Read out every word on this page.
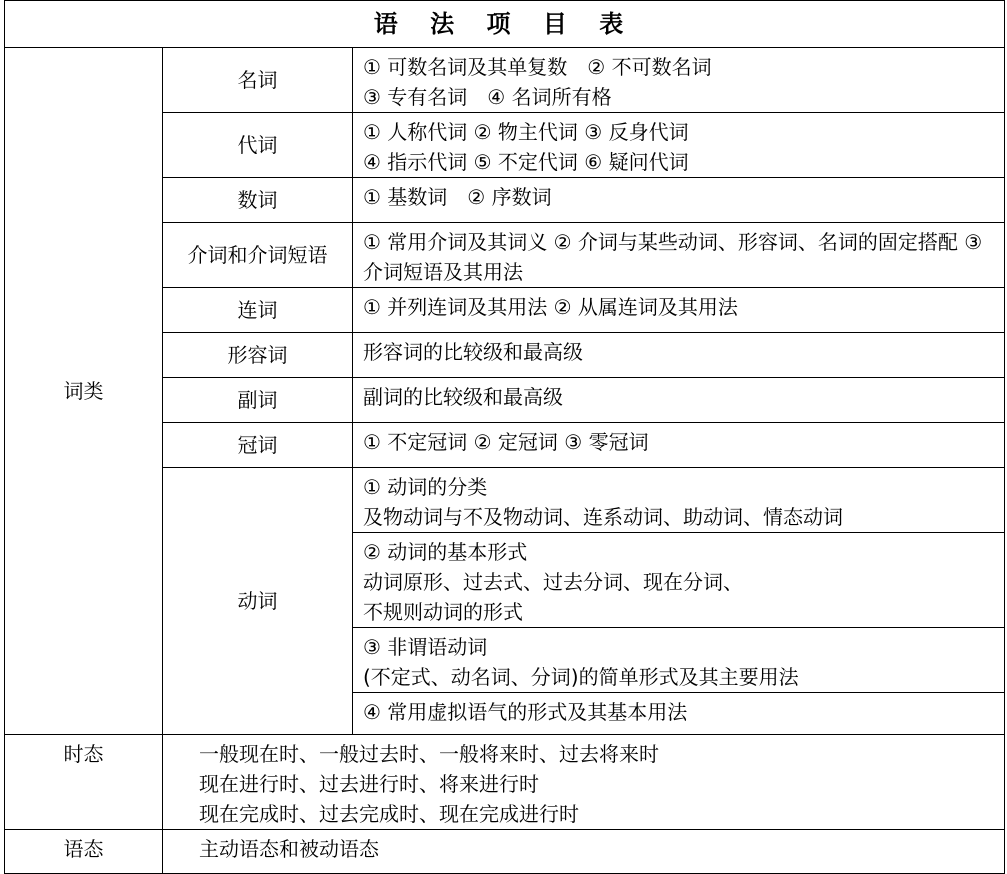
语 法 项 目 表		
词类	名词	① 可数名词及其单复数　② 不可数名词
③ 专有名词　④ 名词所有格

	代词	① 人称代词 ② 物主代词 ③ 反身代词
④ 指示代词 ⑤ 不定代词 ⑥ 疑问代词

	数词	① 基数词　② 序数词

	介词和介词短语	① 常用介词及其词义 ② 介词与某些动词、形容词、名词的固定搭配 ③ 介词短语及其用法

	连词	① 并列连词及其用法 ② 从属连词及其用法

	形容词	形容词的比较级和最高级

	副词	副词的比较级和最高级

	冠词	① 不定冠词 ② 定冠词 ③ 零冠词

	动词	① 动词的分类
及物动词与不及物动词、连系动词、助动词、情态动词

		② 动词的基本形式
动词原形、过去式、过去分词、现在分词、
不规则动词的形式

		③ 非谓语动词
(不定式、动名词、分词)的简单形式及其主要用法

		④ 常用虚拟语气的形式及其基本用法

时态	一般现在时、一般过去时、一般将来时、过去将来时
现在进行时、过去进行时、将来进行时
现在完成时、过去完成时、现在完成进行时	

语态	主动语态和被动语态	
